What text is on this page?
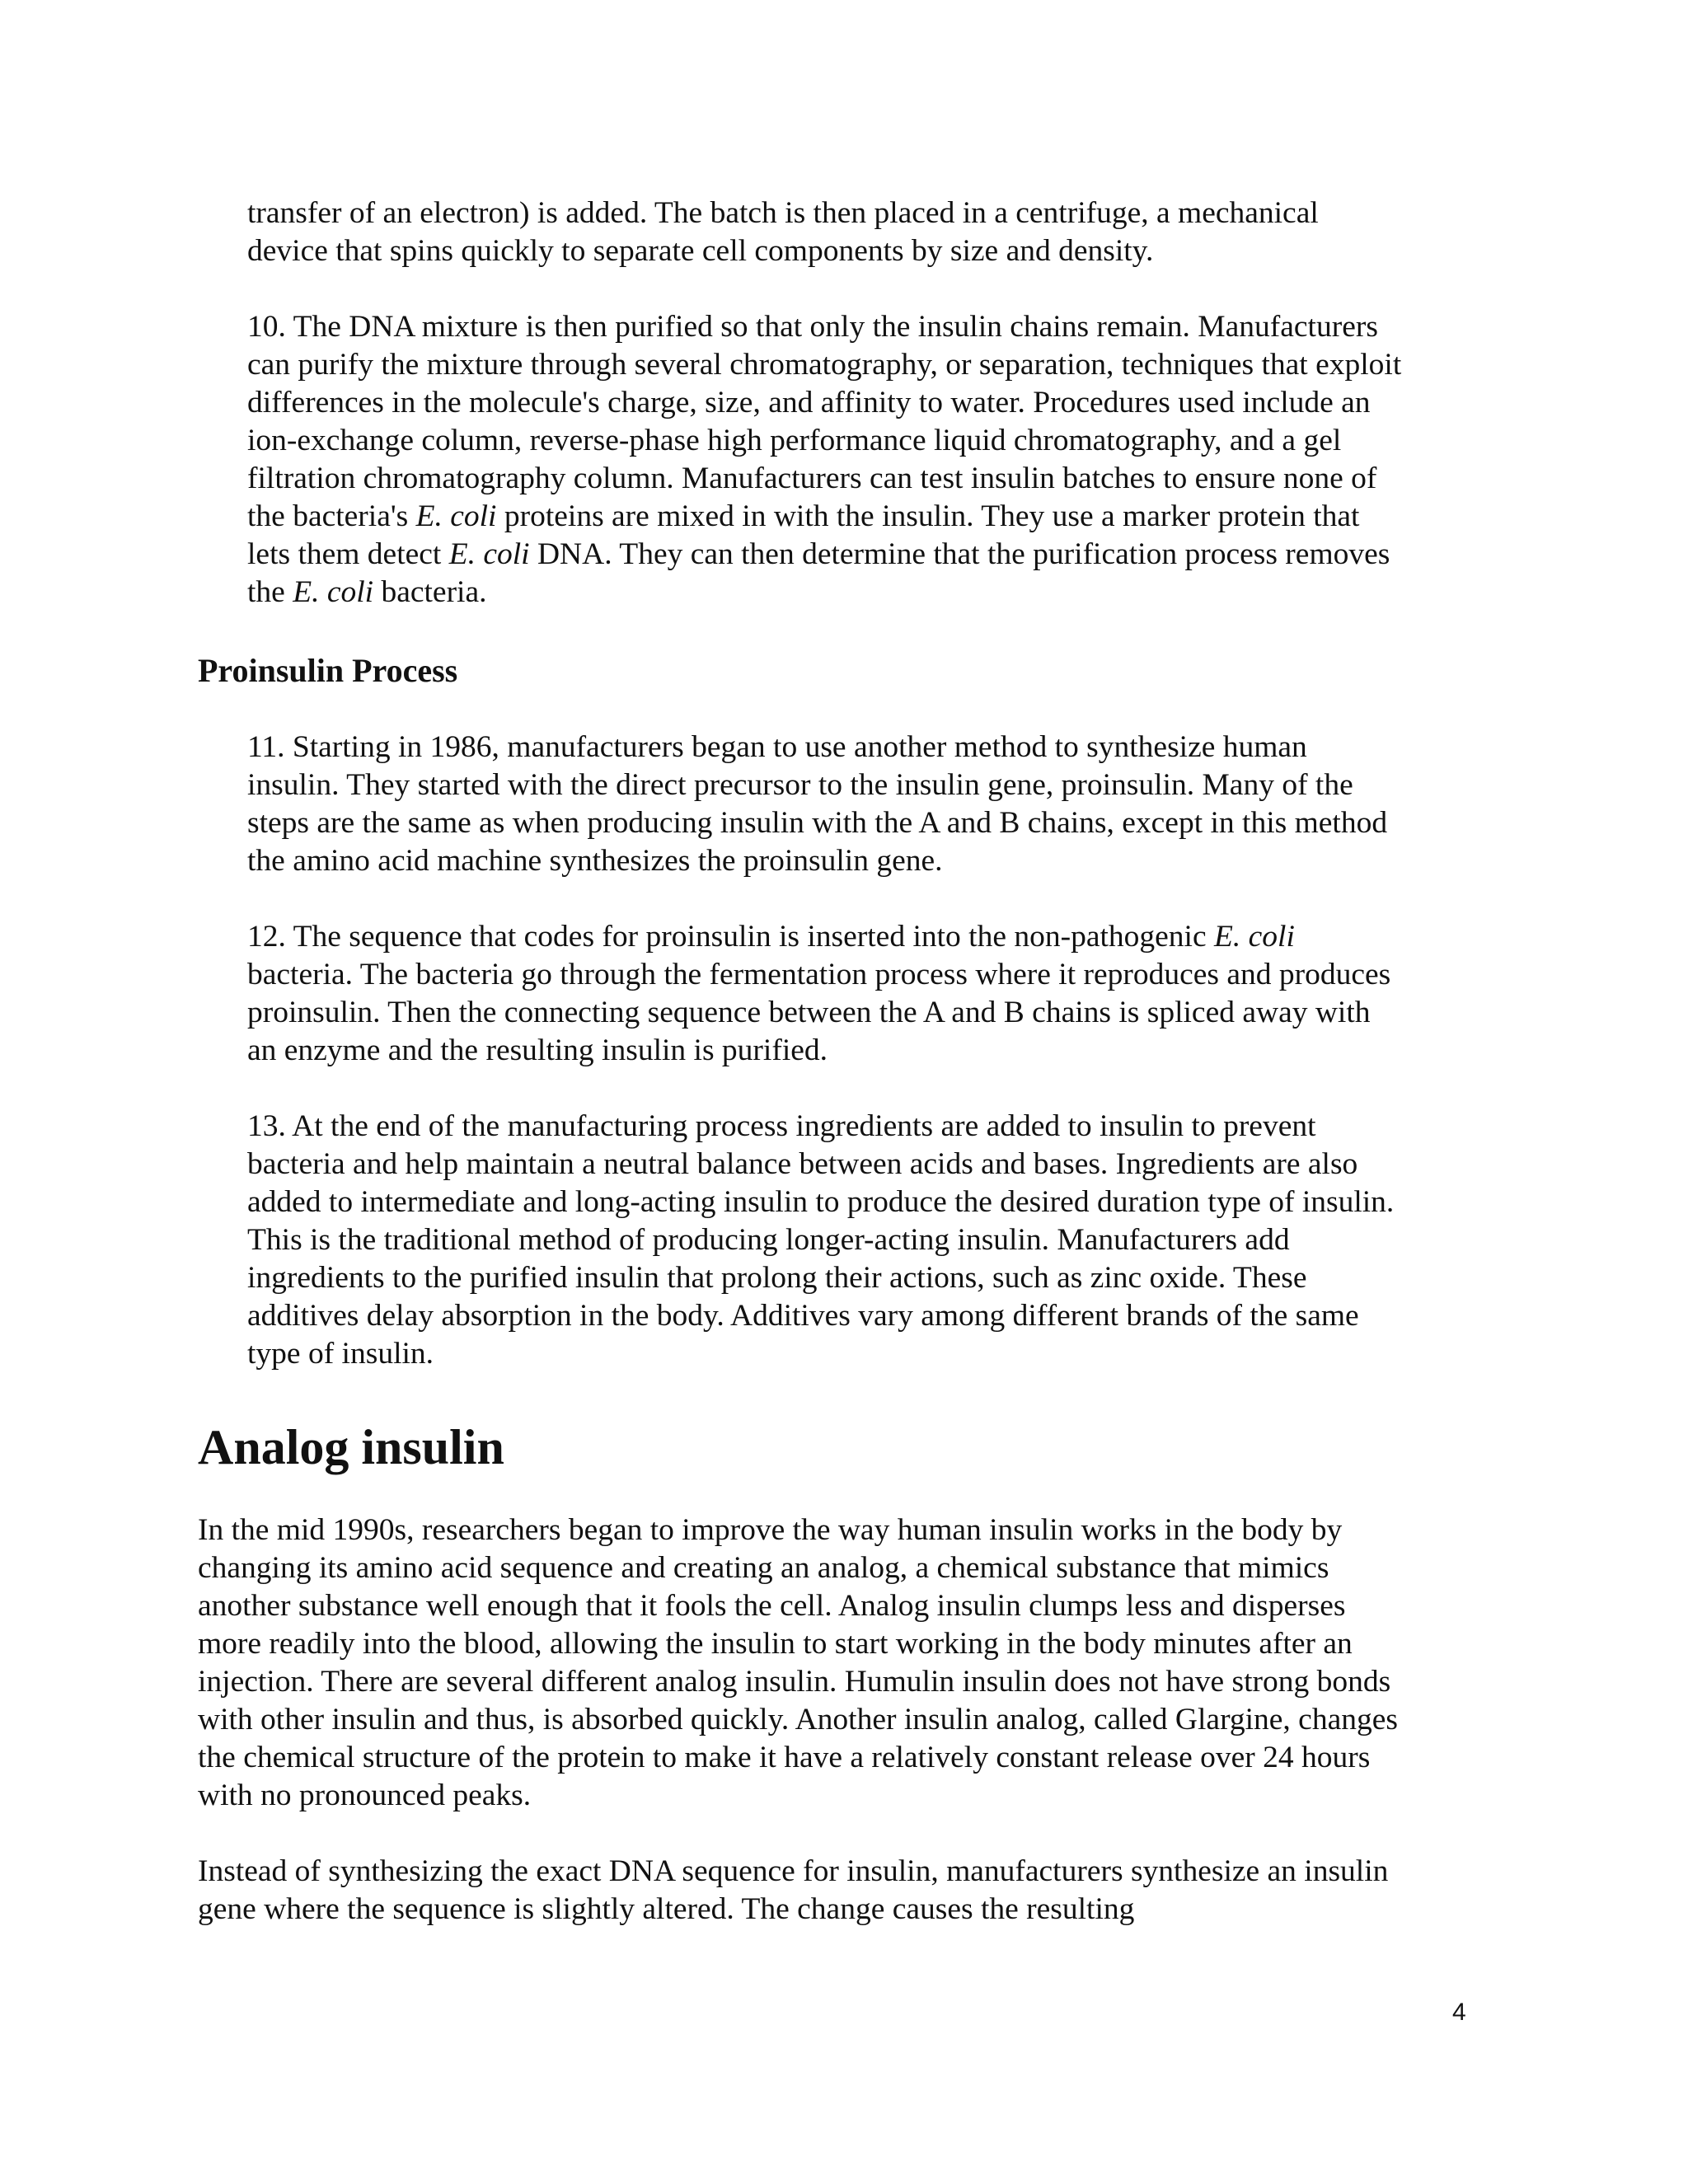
transfer of an electron) is added. The batch is then placed in a centrifuge, a mechanical
device that spins quickly to separate cell components by size and density.

10. The DNA mixture is then purified so that only the insulin chains remain. Manufacturers
can purify the mixture through several chromatography, or separation, techniques that exploit
differences in the molecule's charge, size, and affinity to water. Procedures used include an
ion-exchange column, reverse-phase high performance liquid chromatography, and a gel
filtration chromatography column. Manufacturers can test insulin batches to ensure none of
the bacteria's E. coli proteins are mixed in with the insulin. They use a marker protein that
lets them detect E. coli DNA. They can then determine that the purification process removes
the E. coli bacteria.

Proinsulin Process

11. Starting in 1986, manufacturers began to use another method to synthesize human
insulin. They started with the direct precursor to the insulin gene, proinsulin. Many of the
steps are the same as when producing insulin with the A and B chains, except in this method
the amino acid machine synthesizes the proinsulin gene.

12. The sequence that codes for proinsulin is inserted into the non-pathogenic E. coli
bacteria. The bacteria go through the fermentation process where it reproduces and produces
proinsulin. Then the connecting sequence between the A and B chains is spliced away with
an enzyme and the resulting insulin is purified.

13. At the end of the manufacturing process ingredients are added to insulin to prevent
bacteria and help maintain a neutral balance between acids and bases. Ingredients are also
added to intermediate and long-acting insulin to produce the desired duration type of insulin.
This is the traditional method of producing longer-acting insulin. Manufacturers add
ingredients to the purified insulin that prolong their actions, such as zinc oxide. These
additives delay absorption in the body. Additives vary among different brands of the same
type of insulin.

Analog insulin

In the mid 1990s, researchers began to improve the way human insulin works in the body by
changing its amino acid sequence and creating an analog, a chemical substance that mimics
another substance well enough that it fools the cell. Analog insulin clumps less and disperses
more readily into the blood, allowing the insulin to start working in the body minutes after an
injection. There are several different analog insulin. Humulin insulin does not have strong bonds
with other insulin and thus, is absorbed quickly. Another insulin analog, called Glargine, changes
the chemical structure of the protein to make it have a relatively constant release over 24 hours
with no pronounced peaks.

Instead of synthesizing the exact DNA sequence for insulin, manufacturers synthesize an insulin
gene where the sequence is slightly altered. The change causes the resulting

4
